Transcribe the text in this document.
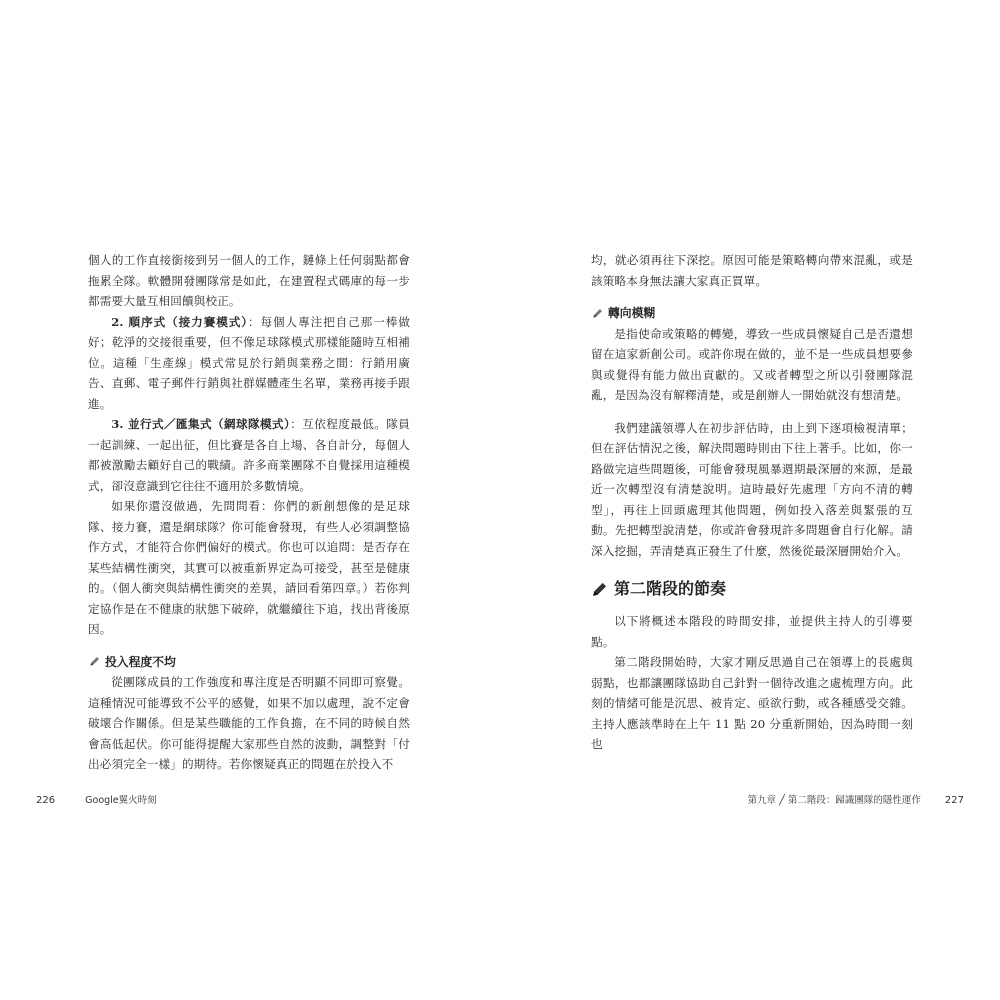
個人的工作直接銜接到另一個人的工作，鏈條上任何弱點都會拖累全隊。軟體開發團隊常是如此，在建置程式碼庫的每一步都需要大量互相回饋與校正。

2. 順序式（接力賽模式）：每個人專注把自己那一棒做好；乾淨的交接很重要，但不像足球隊模式那樣能隨時互相補位。這種「生產線」模式常見於行銷與業務之間：行銷用廣告、直郵、電子郵件行銷與社群媒體產生名單，業務再接手跟進。

3. 並行式／匯集式（網球隊模式）：互依程度最低。隊員一起訓練、一起出征，但比賽是各自上場、各自計分，每個人都被激勵去顧好自己的戰績。許多商業團隊不自覺採用這種模式，卻沒意識到它往往不適用於多數情境。

如果你還沒做過，先問問看：你們的新創想像的是足球隊、接力賽，還是網球隊？你可能會發現，有些人必須調整協作方式，才能符合你們偏好的模式。你也可以追問：是否存在某些結構性衝突，其實可以被重新界定為可接受，甚至是健康的。（個人衝突與結構性衝突的差異，請回看第四章。）若你判定協作是在不健康的狀態下破碎，就繼續往下追，找出背後原因。

投入程度不均

從團隊成員的工作強度和專注度是否明顯不同即可察覺。這種情況可能導致不公平的感覺，如果不加以處理，說不定會破壞合作關係。但是某些職能的工作負擔，在不同的時候自然會高低起伏。你可能得提醒大家那些自然的波動，調整對「付出必須完全一樣」的期待。若你懷疑真正的問題在於投入不

均，就必須再往下深挖。原因可能是策略轉向帶來混亂，或是該策略本身無法讓大家真正買單。

轉向模糊

是指使命或策略的轉變，導致一些成員懷疑自己是否還想留在這家新創公司。或許你現在做的，並不是一些成員想要參與或覺得有能力做出貢獻的。又或者轉型之所以引發團隊混亂，是因為沒有解釋清楚，或是創辦人一開始就沒有想清楚。

我們建議領導人在初步評估時，由上到下逐項檢視清單；但在評估情況之後，解決問題時則由下往上著手。比如，你一路做完這些問題後，可能會發現風暴週期最深層的來源，是最近一次轉型沒有清楚說明。這時最好先處理「方向不清的轉型」，再往上回頭處理其他問題，例如投入落差與緊張的互動。先把轉型說清楚，你或許會發現許多問題會自行化解。請深入挖掘，弄清楚真正發生了什麼，然後從最深層開始介入。

第二階段的節奏

以下將概述本階段的時間安排，並提供主持人的引導要點。

第二階段開始時，大家才剛反思過自己在領導上的長處與弱點，也都讓團隊協助自己針對一個待改進之處梳理方向。此刻的情緒可能是沉思、被肯定、亟欲行動，或各種感受交雜。主持人應該準時在上午 11 點 20 分重新開始，因為時間一刻也

226	Google翼火時刻	第九章 ╱ 第二階段：歸識團隊的隱性運作 227
